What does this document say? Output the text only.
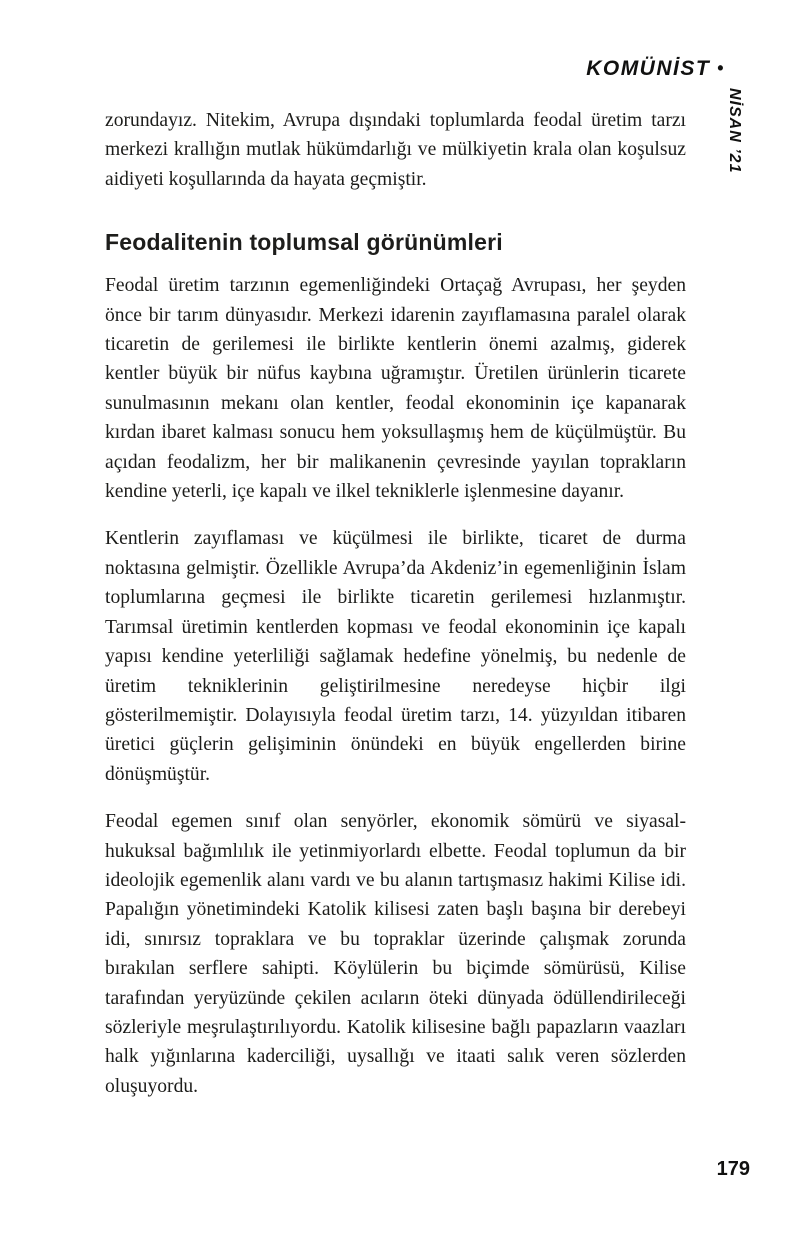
KOMÜNİST •
NİSAN ’21

zorundayız. Nitekim, Avrupa dışındaki toplumlarda feodal üretim tarzı merkezi krallığın mutlak hükümdarlığı ve mülkiyetin krala olan koşulsuz aidiyeti koşullarında da hayata geçmiştir.

Feodalitenin toplumsal görünümleri

Feodal üretim tarzının egemenliğindeki Ortaçağ Avrupası, her şeyden önce bir tarım dünyasıdır. Merkezi idarenin zayıflamasına paralel olarak ticaretin de gerilemesi ile birlikte kentlerin önemi azalmış, giderek kentler büyük bir nüfus kaybına uğramıştır. Üretilen ürünlerin ticarete sunulmasının mekanı olan kentler, feodal ekonominin içe kapanarak kırdan ibaret kalması sonucu hem yoksullaşmış hem de küçülmüştür. Bu açıdan feodalizm, her bir malikanenin çevresinde yayılan toprakların kendine yeterli, içe kapalı ve ilkel tekniklerle işlenmesine dayanır.

Kentlerin zayıflaması ve küçülmesi ile birlikte, ticaret de durma noktasına gelmiştir. Özellikle Avrupa’da Akdeniz’in egemenliğinin İslam toplumlarına geçmesi ile birlikte ticaretin gerilemesi hızlanmıştır. Tarımsal üretimin kentlerden kopması ve feodal ekonominin içe kapalı yapısı kendine yeterliliği sağlamak hedefine yönelmiş, bu nedenle de üretim tekniklerinin geliştirilmesine neredeyse hiçbir ilgi gösterilmemiştir. Dolayısıyla feodal üretim tarzı, 14. yüzyıldan itibaren üretici güçlerin gelişiminin önündeki en büyük engellerden birine dönüşmüştür.

Feodal egemen sınıf olan senyörler, ekonomik sömürü ve siyasal-hukuksal bağımlılık ile yetinmiyorlardı elbette. Feodal toplumun da bir ideolojik egemenlik alanı vardı ve bu alanın tartışmasız hakimi Kilise idi. Papalığın yönetimindeki Katolik kilisesi zaten başlı başına bir derebeyi idi, sınırsız topraklara ve bu topraklar üzerinde çalışmak zorunda bırakılan serflere sahipti. Köylülerin bu biçimde sömürüsü, Kilise tarafından yeryüzünde çekilen acıların öteki dünyada ödüllendirileceği sözleriyle meşrulaştırılıyordu. Katolik kilisesine bağlı papazların vaazları halk yığınlarına kaderciliği, uysallığı ve itaati salık veren sözlerden oluşuyordu.

179
